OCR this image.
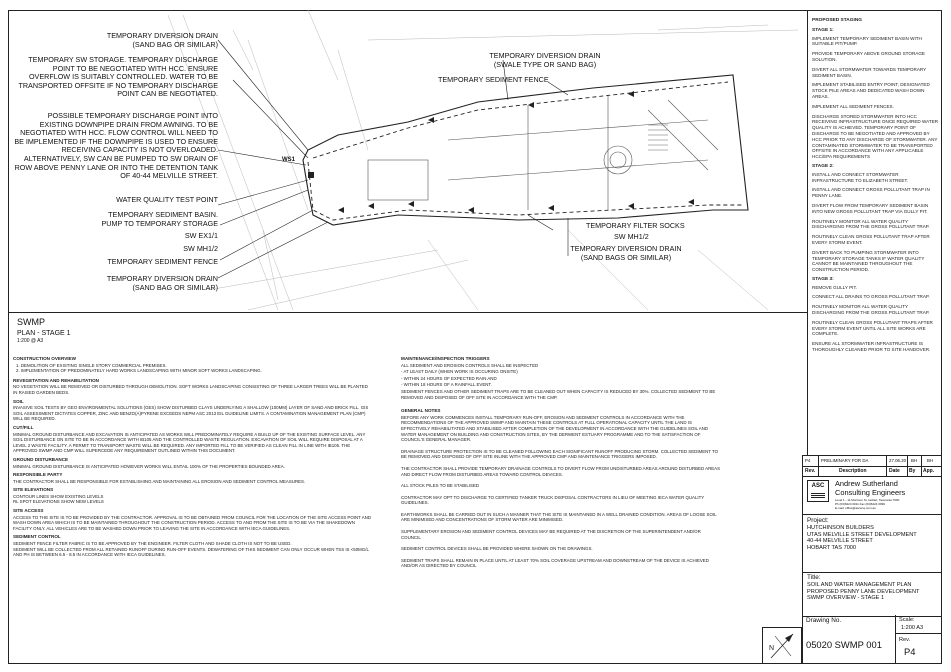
WS1
TEMPORARY DIVERSION DRAIN
(SAND BAG OR SIMILAR)
TEMPORARY SW STORAGE. TEMPORARY DISCHARGE
POINT TO BE NEGOTIATED WITH HCC. ENSURE
OVERFLOW IS SUITABLY CONTROLLED. WATER TO BE
TRANSPORTED OFFSITE IF NO TEMPORARY DISCHARGE
POINT CAN BE NEGOTIATED.
POSSIBLE TEMPORARY DISCHARGE POINT INTO
EXISTING DOWNPIPE DRAIN FROM AWNING. TO BE
NEGOTIATED WITH HCC. FLOW CONTROL WILL NEED TO
BE IMPLEMENTED IF THE DOWNPIPE IS USED TO ENSURE
RECEIVING CAPACITY IS NOT OVERLOADED.
ALTERNATIVELY, SW CAN BE PUMPED TO SW DRAIN OF
ROW ABOVE PENNY LANE OR INTO THE DETENTION TANK
OF 40-44 MELVILLE STREET.
WATER QUALITY TEST POINT
TEMPORARY SEDIMENT BASIN.
PUMP TO TEMPORARY STORAGE
SW EX1/1
SW MH1/2
TEMPORARY SEDIMENT FENCE
TEMPORARY DIVERSION DRAIN
(SAND BAG OR SIMILAR)
TEMPORARY DIVERSION DRAIN
(SWALE TYPE OR SAND BAG)
TEMPORARY SEDIMENT FENCE
TEMPORARY FILTER SOCKS
SW MH1/2
TEMPORARY DIVERSION DRAIN
(SAND BAGS OR SIMILAR)
SWMP
PLAN - STAGE 1
1:200 @ A3
CONSTRUCTION OVERVIEW

1. DEMOLITION OF EXISTING SINGLE STORY COMMERCIAL PREMISES.

2. IMPLEMENTATION OF PREDOMINATELY HARD WORKS LANDSCAPING WITH MINOR SOFT WORKS LANDSCAPING.

REVEGETATION AND REHABILITATION

NO VEGETATION WILL BE REMOVED OR DISTURBED THROUGH DEMOLITION. SOFT WORKS LANDSCAPING CONSISTING OF THREE LARGER TREES WILL BE PLANTED IN RAISED GARDEN BEDS.

SOIL

INVASIVE SOIL TESTS BY GEO ENVIRONMENTAL SOLUTIONS (GES) SHOW DISTURBED CLAYS UNDERLYING A SHALLOW (100MM) LAYER OF SAND AND BRICK FILL. GIS SOIL ASSESSMENT DICTATES COPPER, ZINC AND BENZO(A)PYRENE EXCEEDS NEPM ASC 2013 EIL GUIDELINE LIMITS. A CONTAMINATION MANAGEMENT PLAN (CMP) WILL BE REQUIRED.

CUT/FILL

MINIMAL GROUND DISTURBANCE AND EXCAVATION IS ANTICIPATED AS WORKS WILL PREDOMINATELY REQUIRE A BUILD UP OF THE EXISTING SURFACE LEVEL. ANY SOIL DISTURBANCE ON SITE TO BE IN ACCORDANCE WITH IB105 AND THE CONTROLLED WASTE REGULATION. EXCAVATION OF SOIL WILL REQUIRE DISPOSAL AT A LEVEL 2 WASTE FACILITY. A PERMIT TO TRANSPORT WASTE WILL BE REQUIRED. ANY IMPORTED FILL TO BE VERIFIED AS CLEAN FILL IN LINE WITH IB105. THE APPROVED SWMP AND CMP WILL SUPERCEDE ANY REQUIREMENT OUTLINED WITHIN THIS DOCUMENT.

GROUND DISTURBANCE

MINIMAL GROUND DISTURBANCE IS ANTICIPATED HOWEVER WORKS WILL ENTAIL 100% OF THE PROPERTIES BOUNDED AREA.

RESPONSIBLE PARTY

THE CONTRACTOR SHALL BE RESPONSIBLE FOR ESTABLISHING AND MAINTAINING ALL EROSION AND SEDIMENT CONTROL MEASURES.

SITE ELEVATIONS

CONTOUR LINES SHOW EXISTING LEVELS

RL SPOT ELEVATIONS SHOW NEW LEVELS

SITE ACCESS

ACCESS TO THE SITE IS TO BE PROVIDED BY THE CONTRACTOR. APPROVAL IS TO BE OBTAINED FROM COUNCIL FOR THE LOCATION OF THE SITE ACCESS POINT AND WASH DOWN AREA WHICH IS TO BE MAINTAINED THROUGHOUT THE CONSTRUCTION PERIOD. ACCESS TO AND FROM THE SITE IS TO BE VIA THE SHAKEDOWN FACILITY ONLY. ALL VEHICLES ARE TO BE WASHED DOWN PRIOR TO LEAVING THE SITE IN ACCORDANCE WITH IECA GUIDELINES.

SEDIMENT CONTROL

SEDIMENT FENCE FILTER FABRIC IS TO BE APPROVED BY THE ENGINEER. FILTER CLOTH AND SHADE CLOTH IS NOT TO BE USED.

SEDIMENT WILL BE COLLECTED FROM ALL RETAINED RUNOFF DURING RUN-OFF EVENTS. DEWATERING OF THIS SEDIMENT CAN ONLY OCCUR WHEN TSS IS <50MG/L AND PH IS BETWEEN 6.5 - 8.5 IN ACCORDANCE WITH IECA GUIDELINES.

MAINTENANCE/INSPECTION TRIGGERS

ALL SEDIMENT AND EROSION CONTROLS SHALL BE INSPECTED

- AT LEAST DAILY (WHEN WORK IS OCCURING ONSITE)

- WITHIN 24 HOURS OF EXPECTED RAIN AND

- WITHIN 18 HOURS OF A RAINFALL EVENT.

SEDIMENT FENCES AND OTHER SEDIMENT TRAPS ARE TO BE CLEANED OUT WHEN CAPACITY IS REDUCED BY 30%. COLLECTED SEDIMENT TO BE REMOVED AND DISPOSED OF OFF SITE IN ACCORDANCE WITH THE CMP.

GENERAL NOTES

BEFORE ANY WORK COMMENCES INSTALL TEMPORARY RUN-OFF, EROSION AND SEDIMENT CONTROLS IN ACCORDANCE WITH THE RECOMMENDATIONS OF THE APPROVED SWMP AND MAINTAIN THESE CONTROLS AT FULL OPERATIONAL CAPACITY UNTIL THE LAND IS EFFECTIVELY REHABILITATED AND STABILISED AFTER COMPLETION OF THE DEVELOPMENT IN ACCORDANCE WITH THE GUIDELINES SOIL AND WATER MANAGEMENT ON BUILDING AND CONSTRUCTION SITES, BY THE DERWENT ESTUARY PROGRAMME AND TO THE SATISFACTION OF COUNCIL'S GENERAL MANAGER.

DRAINAGE STRUCTURE PROTECTION IS TO BE CLEANED FOLLOWING EACH SIGNIFICANT RUNOFF PRODUCING STORM. COLLECTED SEDIMENT TO BE REMOVED AND DISPOSED OF OFF SITE INLINE WITH THE APPROVED CMP AND MAINTENANCE TRIGGERS IMPOSED.

THE CONTRACTOR SHALL PROVIDE TEMPORARY DRAINAGE CONTROLS TO DIVERT FLOW FROM UNDISTURBED AREAS AROUND DISTURBED AREAS AND DIRECT FLOW FROM DISTURBED AREAS TOWARD CONTROL DEVICES.

ALL STOCK PILES TO BE STABILISED

CONTRACTOR MAY OPT TO DISCHARGE TO CERTIFIED TANKER TRUCK DISPOSAL CONTRACTORS IN LIEU OF MEETING IECA WATER QUALITY GUIDELINES.

EARTHWORKS SHALL BE CARRIED OUT IN SUCH A MANNER THAT THE SITE IS MAINTAINED IN A WELL DRAINED CONDITION. AREAS OF LOOSE SOIL ARE MINIMISED AND CONCENTRATIONS OF STORM WATER ARE MINIMISED.

SUPPLEMENTARY EROSION AND SEDIMENT CONTROL DEVICES MAY BE REQUIRED AT THE DISCRETION OF THE SUPERINTENDENT AND/OR COUNCIL

SEDIMENT CONTROL DEVICES SHALL BE PROVIDED WHERE SHOWN ON THE DRAWINGS.

SEDIMENT TRAPS SHALL REMAIN IN PLACE UNTIL AT LEAST 70% SOIL COVERAGE UPSTREAM AND DOWNSTREAM OF THE DEVICE IS ACHIEVED AND/OR AS DIRECTED BY COUNCIL

PROPOSED STAGING
STAGE 1:

IMPLEMENT TEMPORARY SEDIMENT BASIN WITH SUITABLE PIT/PUMP.

PROVIDE TEMPORARY ABOVE GROUND STORAGE SOLUTION.

DIVERT ALL STORMWATER TOWARDS TEMPORARY SEDIMENT BASIN.

IMPLEMENT STABILISED ENTRY POINT, DESIGNATED STOCK PILE AREAS AND DEDICATED WASH DOWN AREAS.

IMPLEMENT ALL SEDIMENT FENCES.

DISCHARGE STORED STORMWATER INTO HCC RECEIVING INFRASTRUCTURE ONCE REQUIRED WATER QUALITY IS ACHIEVED. TEMPORARY POINT OF DISCHARGE TO BE NEGOTIATED AND APPROVED BY HCC PRIOR TO ANY DISCHARGE OF STORMWATER. ANY CONTAMINATED STORMWATER TO BE TRANSPORTED OFFSITE IN ACCORDANCE WITH ANY APPLICABLE HCC/EPA REQUIREMENTS

STAGE 2:

INSTALL AND CONNECT STORMWATER INFRASTRUCTURE TO ELIZABETH STREET.

INSTALL AND CONNECT GROSS POLLUTANT TRAP IN PENNY LANE.

DIVERT FLOW FROM TEMPORARY SEDIMENT BASIN INTO NEW GROSS POLLUTANT TRAP VIA GULLY PIT.

ROUTINELY MONITOR ALL WATER QUALITY DISCHARGING FROM THE GROSS POLLUTANT TRAP.

ROUTINELY CLEAN GROSS POLLUTANT TRAP AFTER EVERY STORM EVENT.

DIVERT BACK TO PUMPING STORMWATER INTO TEMPORARY STORAGE TANKS IF WATER QUALITY CANNOT BE MAINTAINED THROUGHOUT THE CONSTRUCTION PERIOD.

STAGE 3:

REMOVE GULLY PIT.

CONNECT ALL DRAINS TO GROSS POLLUTANT TRAP.

ROUTINELY MONITOR ALL WATER QUALITY DISCHARGING FROM THE GROSS POLLUTANT TRAP.

ROUTINELY CLEAN GROSS POLLUTANT TRAPS AFTER EVERY STORM EVENT UNTIL ALL SITE WORKS ARE COMPLETE.

ENSURE ALL STORMWATER INFRASTRUCTURE IS THOROUGHLY CLEANED PRIOR TO SITE HANDOVER.

P4 PRELIMINARY FOR DA	27.06.20 BH BH
Rev.	Description	Date By App.
ASC	Andrew Sutherland
Consulting Engineers
Level 1 - 11 Morrison St, Hobart, Tasmania 7000
Ph (03)6224 6011 Fax (03)6224 6999
E-mail: office@ascenq.com.au
Project:
HUTCHINSON BUILDERS
UTAS MELVILLE STREET DEVELOPMENT
40-44 MELVILLE STREET
HOBART TAS 7000
Title:
SOIL AND WATER MANAGEMENT PLAN
PROPOSED PENNY LANE DEVELOPMENT
SWMP OVERVIEW - STAGE 1
N
Drawing No.
05020 SWMP 001
Scale:
1:200 A3
Rev.
P4
